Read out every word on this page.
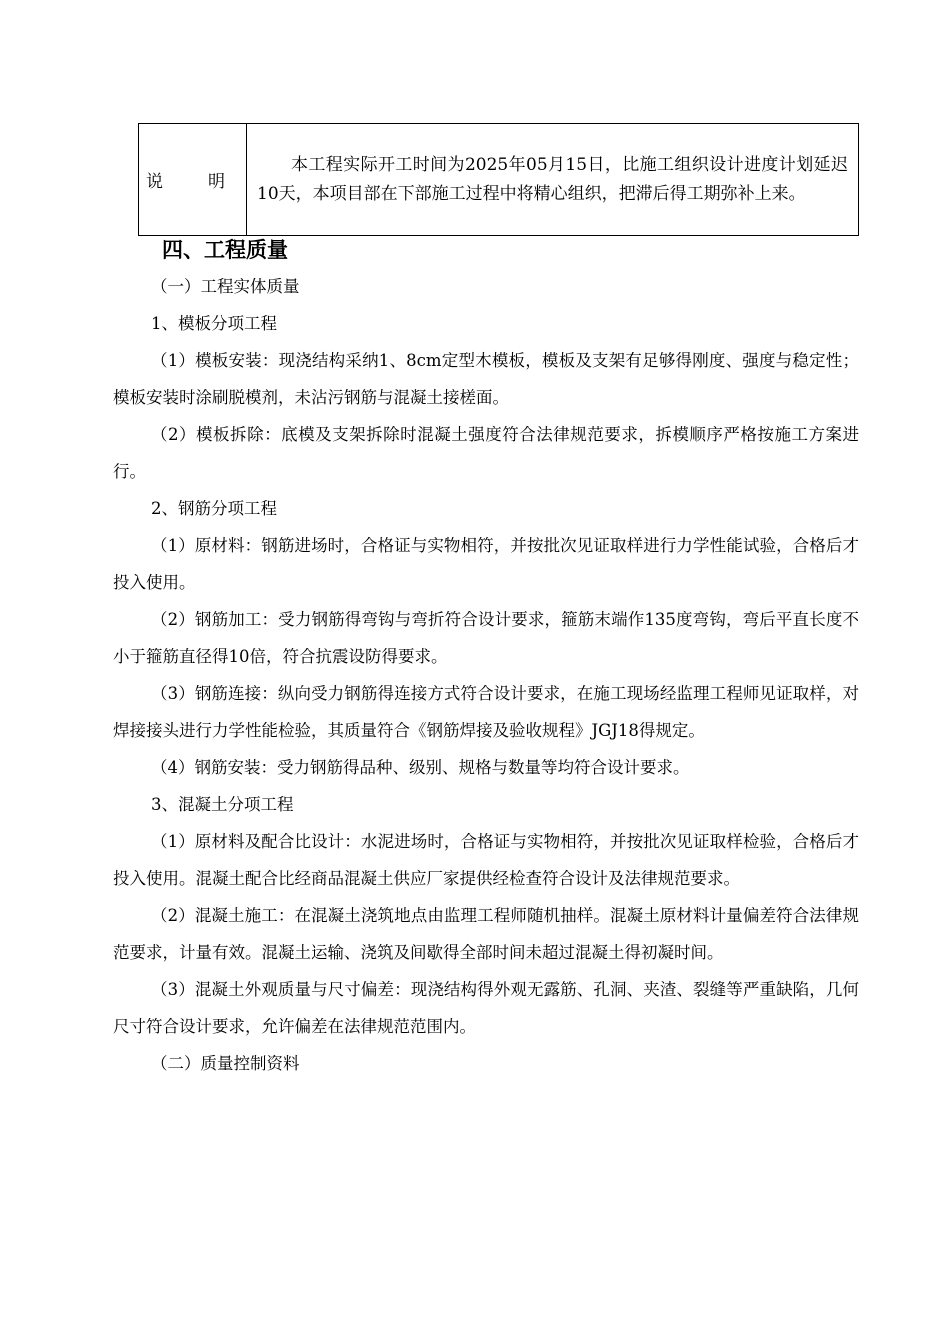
说　明	

本工程实际开工时间为2025年05月15日，比施工组织设计进度计划延迟10天，本项目部在下部施工过程中将精心组织，把滞后得工期弥补上来。

四、工程质量

（一）工程实体质量

1、模板分项工程

（1）模板安装：现浇结构采纳1、8cm定型木模板，模板及支架有足够得刚度、强度与稳定性；模板安装时涂刷脱模剂，未沾污钢筋与混凝土接槎面。

（2）模板拆除：底模及支架拆除时混凝土强度符合法律规范要求，拆模顺序严格按施工方案进行。

2、钢筋分项工程

（1）原材料：钢筋进场时，合格证与实物相符，并按批次见证取样进行力学性能试验，合格后才投入使用。

（2）钢筋加工：受力钢筋得弯钩与弯折符合设计要求，箍筋末端作135度弯钩，弯后平直长度不小于箍筋直径得10倍，符合抗震设防得要求。

（3）钢筋连接：纵向受力钢筋得连接方式符合设计要求，在施工现场经监理工程师见证取样，对焊接接头进行力学性能检验，其质量符合《钢筋焊接及验收规程》JGJ18得规定。

（4）钢筋安装：受力钢筋得品种、级别、规格与数量等均符合设计要求。

3、混凝土分项工程

（1）原材料及配合比设计：水泥进场时，合格证与实物相符，并按批次见证取样检验，合格后才投入使用。混凝土配合比经商品混凝土供应厂家提供经检查符合设计及法律规范要求。

（2）混凝土施工：在混凝土浇筑地点由监理工程师随机抽样。混凝土原材料计量偏差符合法律规范要求，计量有效。混凝土运输、浇筑及间歇得全部时间未超过混凝土得初凝时间。

（3）混凝土外观质量与尺寸偏差：现浇结构得外观无露筋、孔洞、夹渣、裂缝等严重缺陷，几何尺寸符合设计要求，允许偏差在法律规范范围内。

（二）质量控制资料
